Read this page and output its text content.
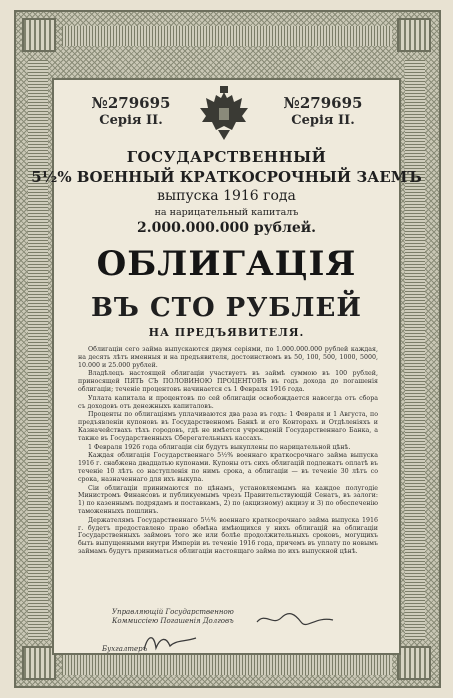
№279695
Серія II.
№279695
Серія II.
ГОСУДАРСТВЕННЫЙ
5½% ВОЕННЫЙ КРАТКОСРОЧНЫЙ ЗАЕМЪ
выпуска 1916 года
на нарицательный капиталъ
2.000.000.000 рублей.
ОБЛИГАЦІЯ
ВЪ СТО РУБЛЕЙ
НА ПРЕДЪЯВИТЕЛЯ.

Облигаціи сего займа выпускаются двумя серіями, по 1.000.000.000 рублей каждая, на десять лѣтъ именныя и на предъявителя, достоинствомъ въ 50, 100, 500, 1000, 5000, 10.000 и 25.000 рублей.

Владѣлецъ настоящей облигаціи участвуетъ въ займѣ суммою въ 100 рублей, приносящей ПЯТЬ СЪ ПОЛОВИНОЮ ПРОЦЕНТОВЪ въ годъ дохода до погашенія облигаціи; теченіе процентовъ начинается съ 1 Февраля 1916 года.

Уплата капитала и процентовъ по сей облигаціи освобождается навсегда отъ сбора съ доходовъ отъ денежныхъ капиталовъ.

Проценты по облигаціямъ уплачиваются два раза въ годъ: 1 Февраля и 1 Августа, по предъявленіи купоновъ въ Государственномъ Банкѣ и его Конторахъ и Отдѣленіяхъ и Казначействахъ тѣхъ городовъ, гдѣ не имѣется учрежденій Государственнаго Банка, а также въ Государственныхъ Сберегательныхъ кассахъ.

1 Февраля 1926 года облигаціи сіи будутъ выкуплены по нарицательной цѣнѣ.

Каждая облигація Государственнаго 5½% военнаго краткосрочнаго займа выпуска 1916 г. снабжена двадцатью купонами. Купоны отъ сихъ облигацій подлежатъ оплатѣ въ теченіе 10 лѣтъ со наступленія по нимъ срока, а облигаціи — въ теченіе 30 лѣтъ со срока, назначеннаго для ихъ выкупа.

Сіи облигаціи принимаются по цѣнамъ, установляемымъ на каждое полугодіе Министромъ Финансовъ и публикуемымъ чрезъ Правительствующій Сенатъ, въ залоги: 1) по казеннымъ подрядамъ и поставкамъ, 2) по (акцизному) акцизу и 3) по обеспеченію таможенныхъ пошлинъ.

Держателямъ Государственнаго 5½% военнаго краткосрочнаго займа выпуска 1916 г. будетъ предоставлено право обмѣна имѣющихся у нихъ облигацій на облигаціи Государственныхъ займовъ того же или болѣе продолжительныхъ сроковъ, могущихъ быть выпущенными внутри Имперіи въ теченіе 1916 года, причемъ въ уплату по новымъ займамъ будутъ приниматься облигаціи настоящаго займа по ихъ выпускной цѣнѣ.

Управляющій Государственною Коммиссіею Погашенія Долговъ
Бухгалтеръ
